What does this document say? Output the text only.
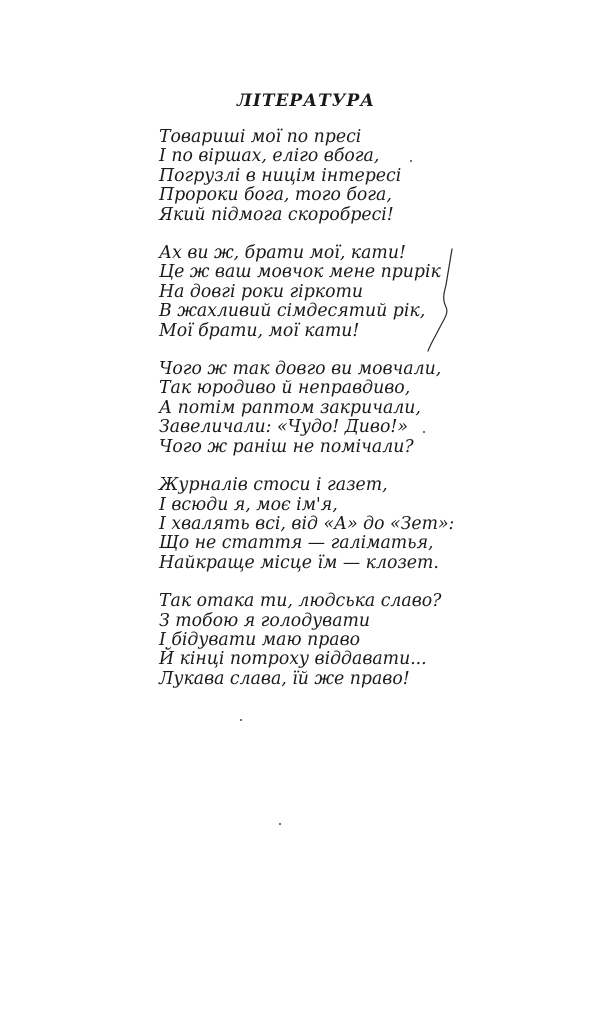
ЛІТЕРАТУРА
Товариші мої по пресі
І по віршах, еліго вбога,
Погрузлі в ницім інтересі
Пророки бога, того бога,
Який підмога скоробресі!
Ах ви ж, брати мої, кати!
Це ж ваш мовчок мене прирік
На довгі роки гіркоти
В жахливий сімдесятий рік,
Мої брати, мої кати!
Чого ж так довго ви мовчали,
Так юродиво й неправдиво,
А потім раптом закричали,
Завеличали: «Чудо! Диво!»
Чого ж раніш не помічали?
Журналів стоси і газет,
І всюди я, моє ім'я,
І хвалять всі, від «А» до «Зет»:
Що не стаття — галіматья,
Найкраще місце їм — клозет.
Так отака ти, людська славо?
З тобою я голодувати
І бідувати маю право
Й кінці потроху віддавати...
Лукава слава, їй же право!
